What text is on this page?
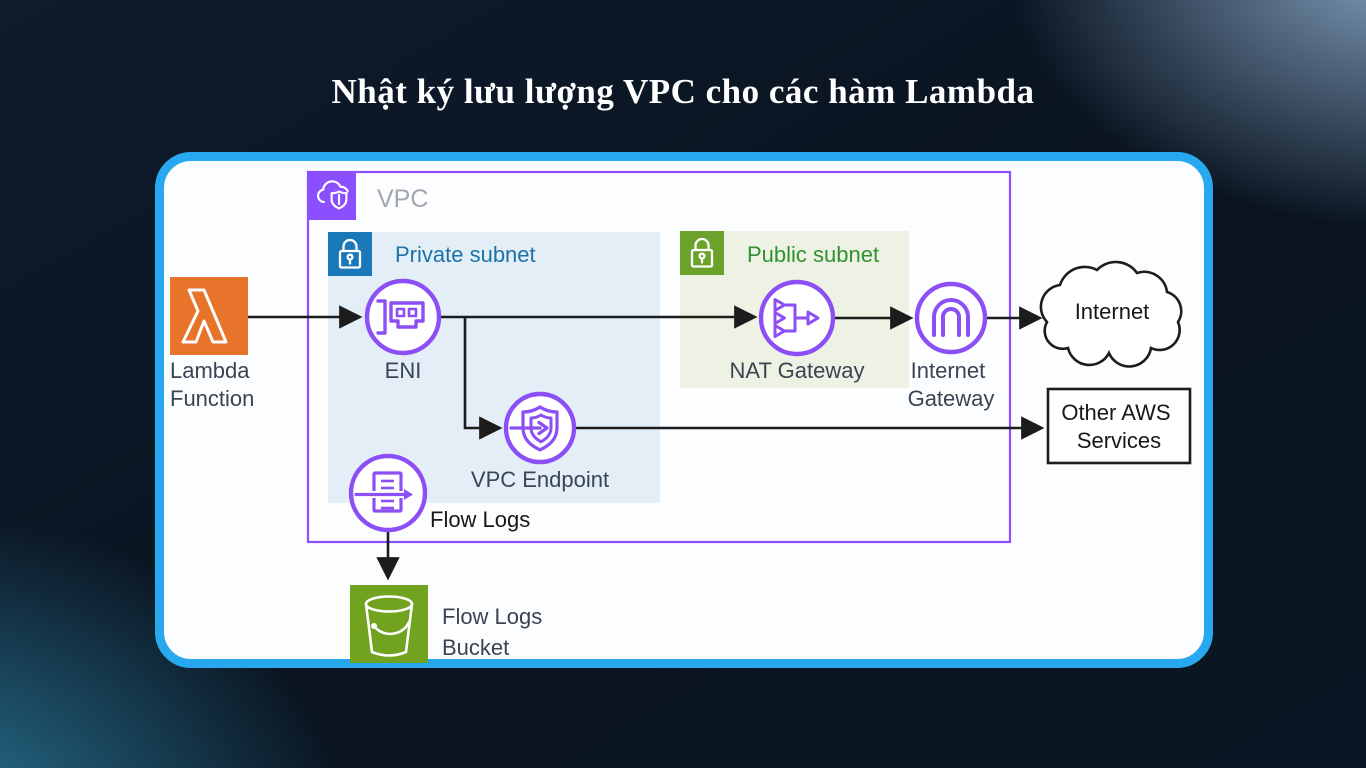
Nhật ký lưu lượng VPC cho các hàm Lambda
VPC
Private subnet	Public subnet
Lambda Function
ENI	NAT Gateway Internet Gateway
VPC Endpoint
Flow Logs
Internet
Other AWS Services
Flow Logs Bucket
